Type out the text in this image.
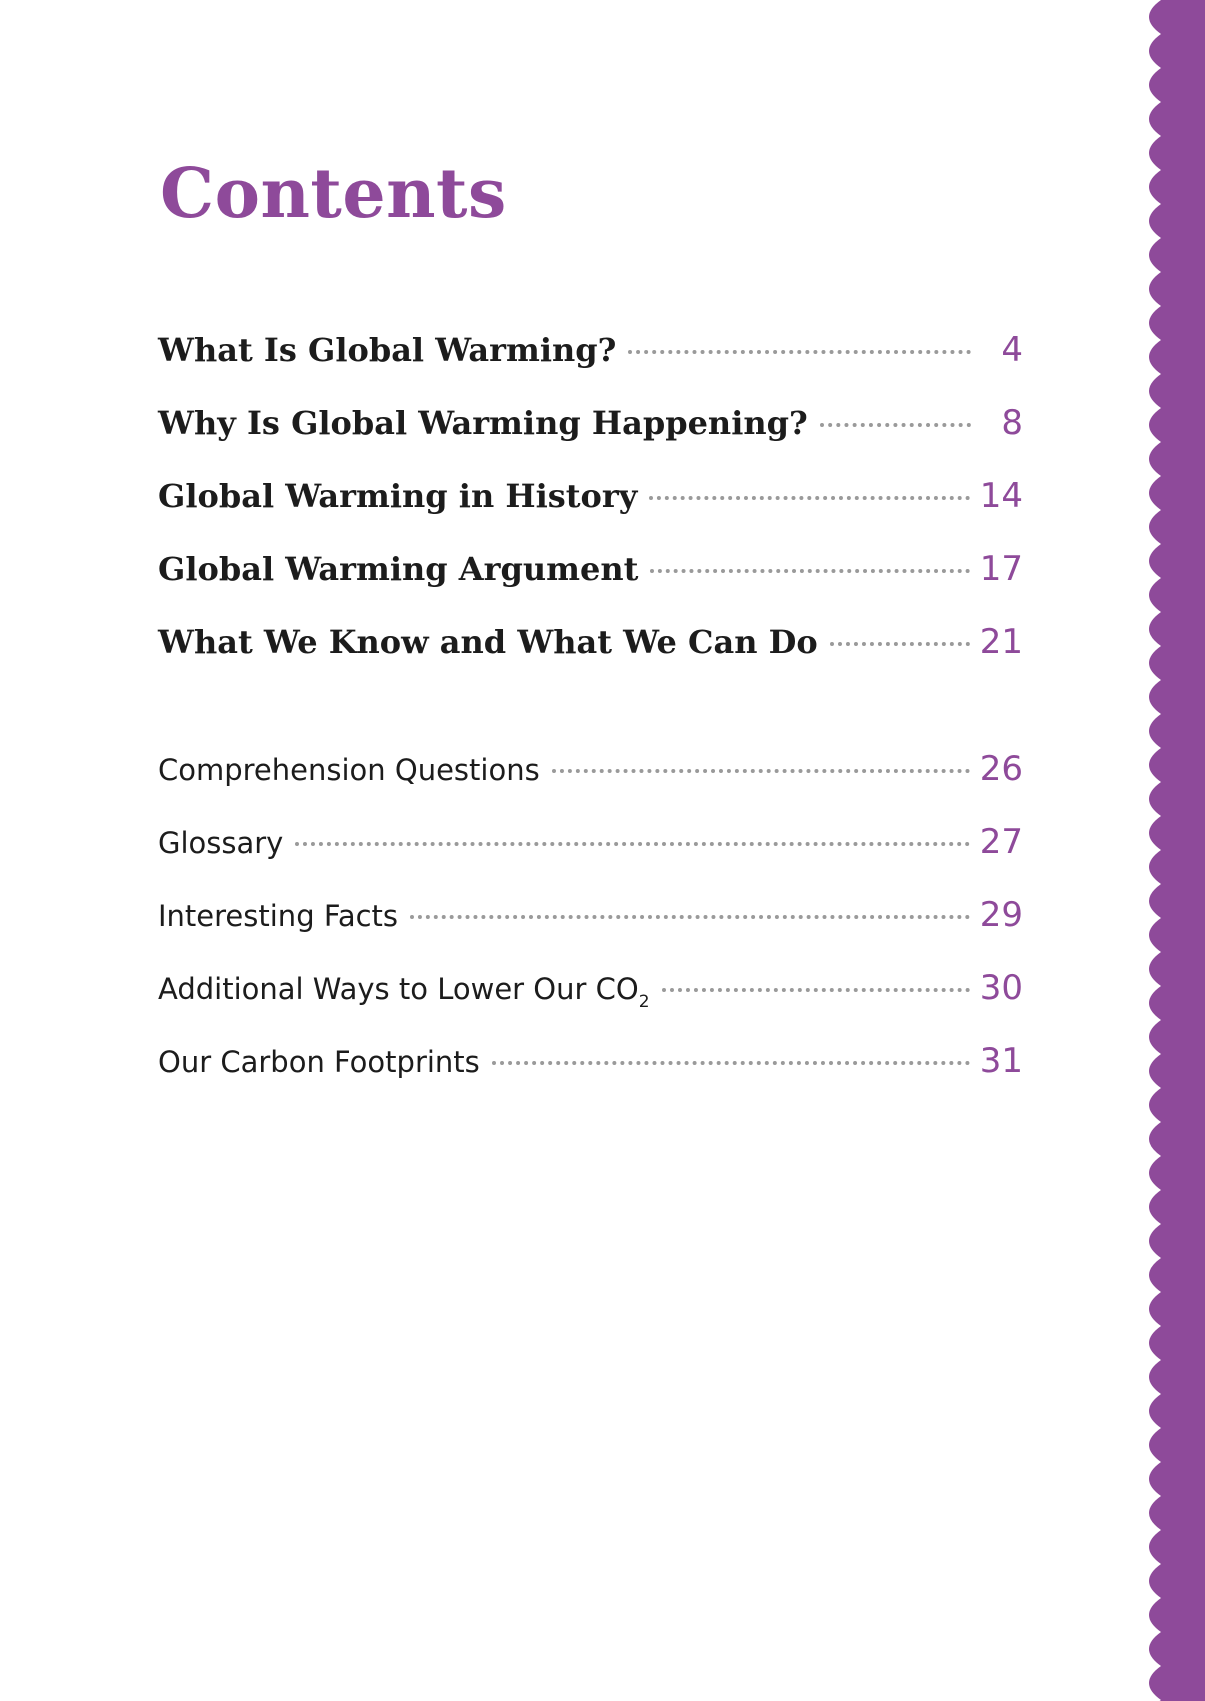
Contents
What Is Global Warming?	4
Why Is Global Warming Happening?	8
Global Warming in History	14
Global Warming Argument	17
What We Know and What We Can Do	21
Comprehension Questions	26
Glossary	27
Interesting Facts	29
Additional Ways to Lower Our $CO_2$	30
Our Carbon Footprints	31
